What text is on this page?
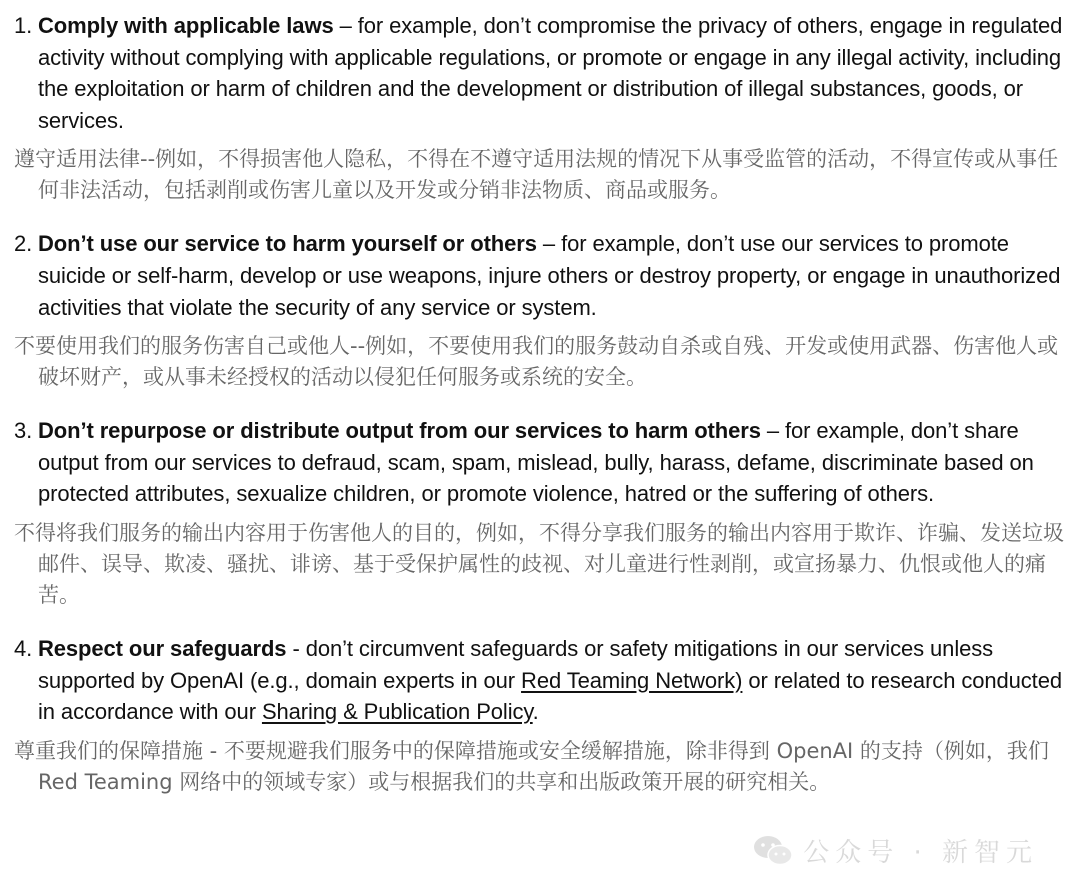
1. Comply with applicable laws – for example, don’t compromise the privacy of others, engage in regulated activity without complying with applicable regulations, or promote or engage in any illegal activity, including the exploitation or harm of children and the development or distribution of illegal substances, goods, or services.
遵守适用法律--例如，不得损害他人隐私，不得在不遵守适用法规的情况下从事受监管的活动，不得宣传或从事任何非法活动，包括剥削或伤害儿童以及开发或分销非法物质、商品或服务。
2. Don’t use our service to harm yourself or others – for example, don’t use our services to promote suicide or self-harm, develop or use weapons, injure others or destroy property, or engage in unauthorized activities that violate the security of any service or system.
不要使用我们的服务伤害自己或他人--例如，不要使用我们的服务鼓动自杀或自残、开发或使用武器、伤害他人或破坏财产，或从事未经授权的活动以侵犯任何服务或系统的安全。
3. Don’t repurpose or distribute output from our services to harm others – for example, don’t share output from our services to defraud, scam, spam, mislead, bully, harass, defame, discriminate based on protected attributes, sexualize children, or promote violence, hatred or the suffering of others.
不得将我们服务的输出内容用于伤害他人的目的，例如，不得分享我们服务的输出内容用于欺诈、诈骗、发送垃圾邮件、误导、欺凌、骚扰、诽谤、基于受保护属性的歧视、对儿童进行性剥削，或宣扬暴力、仇恨或他人的痛苦。
4. Respect our safeguards - don’t circumvent safeguards or safety mitigations in our services unless supported by OpenAI (e.g., domain experts in our Red Teaming Network) or related to research conducted in accordance with our Sharing & Publication Policy.
尊重我们的保障措施 - 不要规避我们服务中的保障措施或安全缓解措施，除非得到 OpenAI 的支持（例如，我们 Red Teaming 网络中的领域专家）或与根据我们的共享和出版政策开展的研究相关。
公众号 · 新智元
